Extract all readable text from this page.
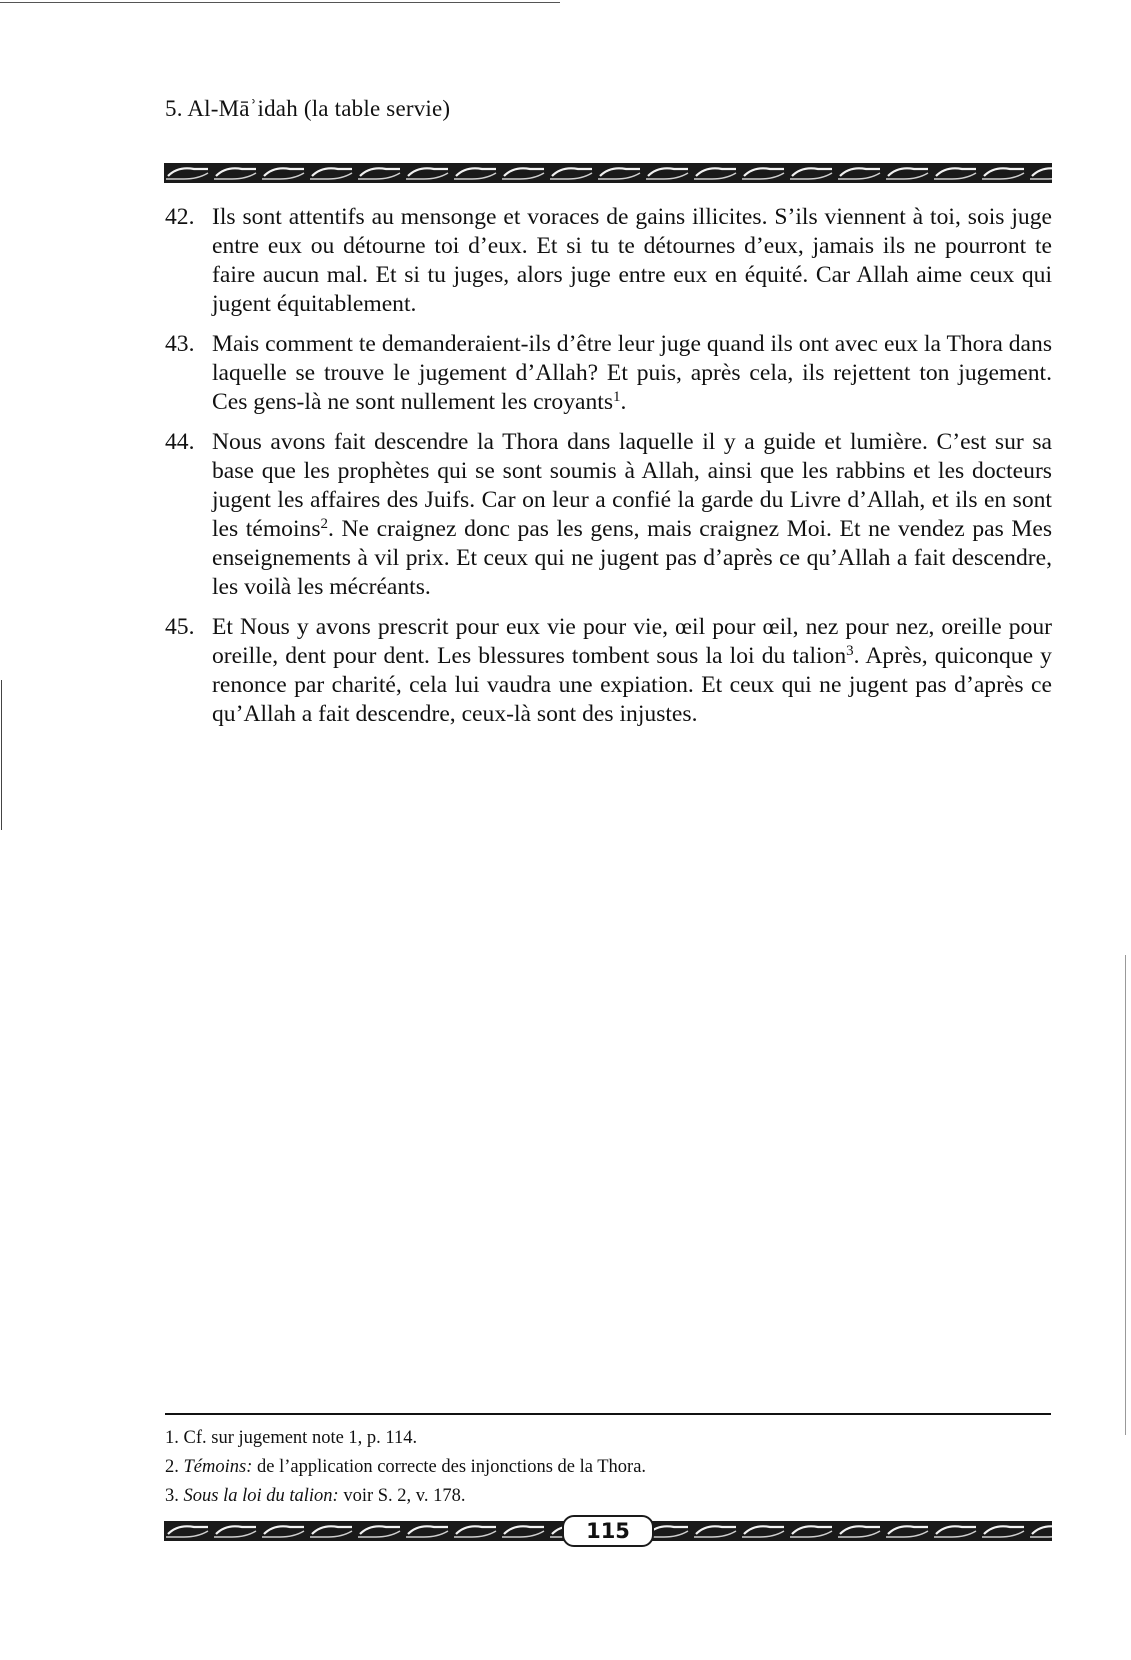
5. Al-Māʾidah (la table servie)
42. Ils sont attentifs au mensonge et voraces de gains illicites. S’ils viennent à toi, sois juge entre eux ou détourne toi d’eux. Et si tu te détournes d’eux, jamais ils ne pourront te faire aucun mal. Et si tu juges, alors juge entre eux en équité. Car Allah aime ceux qui jugent équitablement.
43. Mais comment te demanderaient-ils d’être leur juge quand ils ont avec eux la Thora dans laquelle se trouve le jugement d’Allah? Et puis, après cela, ils rejettent ton jugement. Ces gens-là ne sont nullement les croyants$^1$.
44. Nous avons fait descendre la Thora dans laquelle il y a guide et lumière. C’est sur sa base que les prophètes qui se sont soumis à Allah, ainsi que les rabbins et les docteurs jugent les affaires des Juifs. Car on leur a confié la garde du Livre d’Allah, et ils en sont les témoins$^2$. Ne craignez donc pas les gens, mais craignez Moi. Et ne vendez pas Mes enseignements à vil prix. Et ceux qui ne jugent pas d’après ce qu’Allah a fait descendre, les voilà les mécréants.
45. Et Nous y avons prescrit pour eux vie pour vie, œil pour œil, nez pour nez, oreille pour oreille, dent pour dent. Les blessures tombent sous la loi du talion$^3$. Après, quiconque y renonce par charité, cela lui vaudra une expiation. Et ceux qui ne jugent pas d’après ce qu’Allah a fait descendre, ceux-là sont des injustes.
1. Cf. sur jugement note 1, p. 114.
2. Témoins: de l’application correcte des injonctions de la Thora.
3. Sous la loi du talion: voir S. 2, v. 178.
115
